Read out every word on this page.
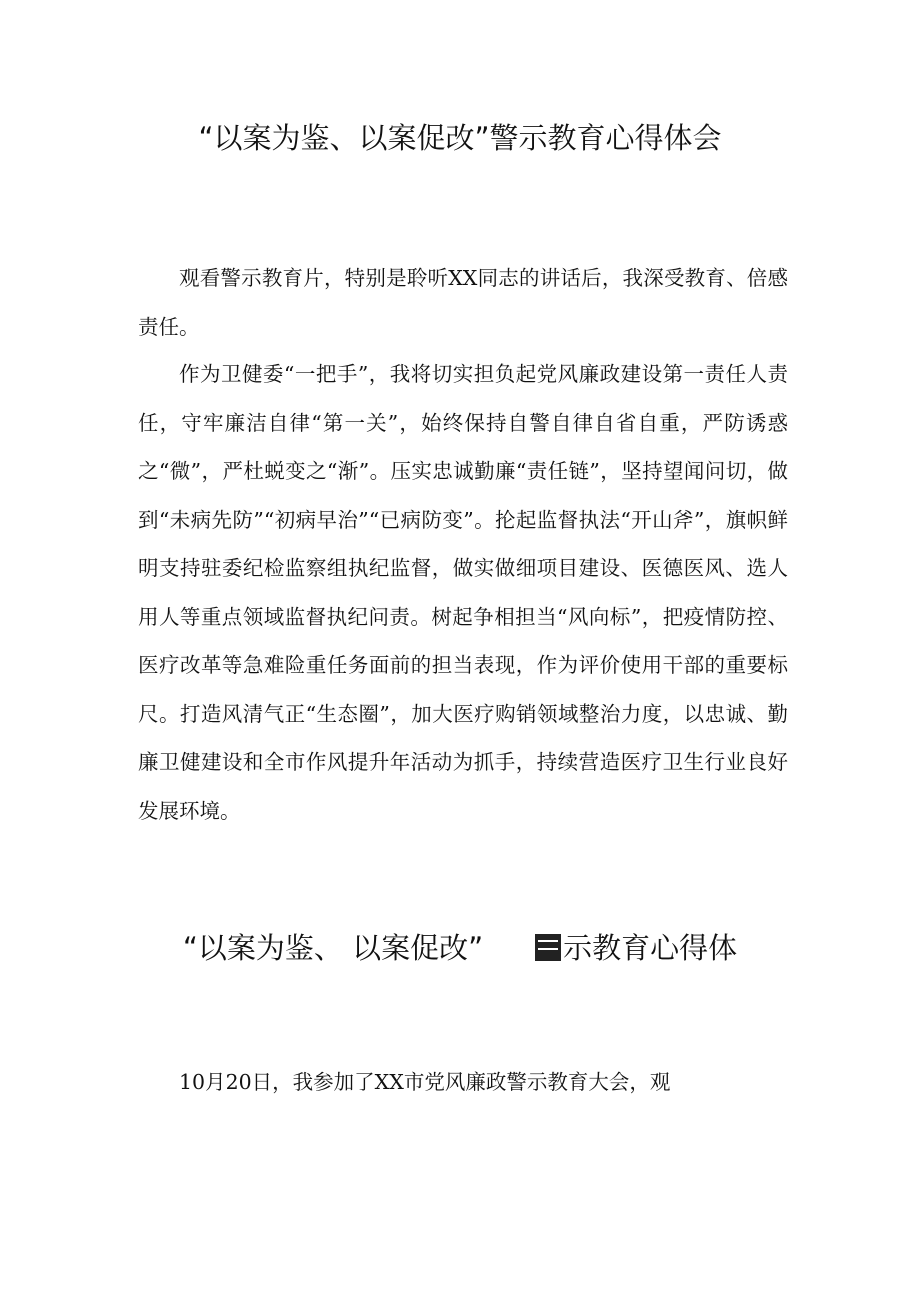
“以案为鉴、以案促改”警示教育心得体会

观看警示教育片，特别是聆听XX同志的讲话后，我深受教育、倍感责任。

作为卫健委“一把手”，我将切实担负起党风廉政建设第一责任人责任，守牢廉洁自律“第一关”，始终保持自警自律自省自重，严防诱惑之“微”，严杜蜕变之“渐”。压实忠诚勤廉“责任链”，坚持望闻问切，做到“未病先防”“初病早治”“已病防变”。抡起监督执法“开山斧”，旗帜鲜明支持驻委纪检监察组执纪监督，做实做细项目建设、医德医风、选人用人等重点领域监督执纪问责。树起争相担当“风向标”，把疫情防控、医疗改革等急难险重任务面前的担当表现，作为评价使用干部的重要标尺。打造风清气正“生态圈”，加大医疗购销领域整治力度，以忠诚、勤廉卫健建设和全市作风提升年活动为抓手，持续营造医疗卫生行业良好发展环境。

“以案为鉴、 以案促改”	示教育心得体

10月20日，我参加了XX市党风廉政警示教育大会，观
